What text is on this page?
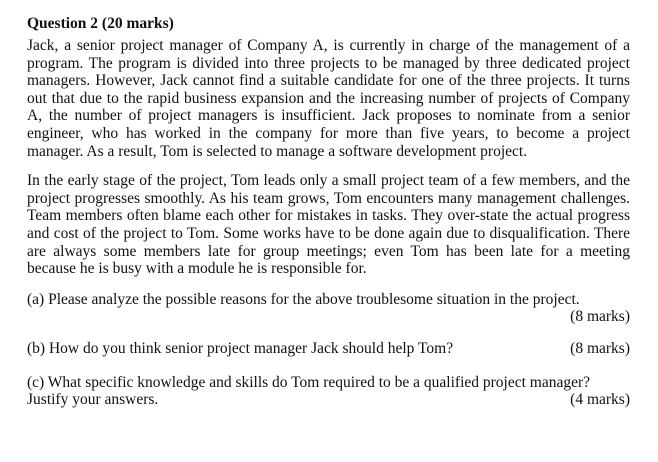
Question 2 (20 marks)

Jack, a senior project manager of Company A, is currently in charge of the management of a program. The program is divided into three projects to be managed by three dedicated project managers. However, Jack cannot find a suitable candidate for one of the three projects. It turns out that due to the rapid business expansion and the increasing number of projects of Company A, the number of project managers is insufficient. Jack proposes to nominate from a senior engineer, who has worked in the company for more than five years, to become a project manager. As a result, Tom is selected to manage a software development project.

In the early stage of the project, Tom leads only a small project team of a few members, and the project progresses smoothly. As his team grows, Tom encounters many management challenges. Team members often blame each other for mistakes in tasks. They over-state the actual progress and cost of the project to Tom. Some works have to be done again due to disqualification. There are always some members late for group meetings; even Tom has been late for a meeting because he is busy with a module he is responsible for.

(a) Please analyze the possible reasons for the above troublesome situation in the project.
(8 marks)
(b) How do you think senior project manager Jack should help Tom?	(8 marks)
(c) What specific knowledge and skills do Tom required to be a qualified project manager?
Justify your answers.	(4 marks)
